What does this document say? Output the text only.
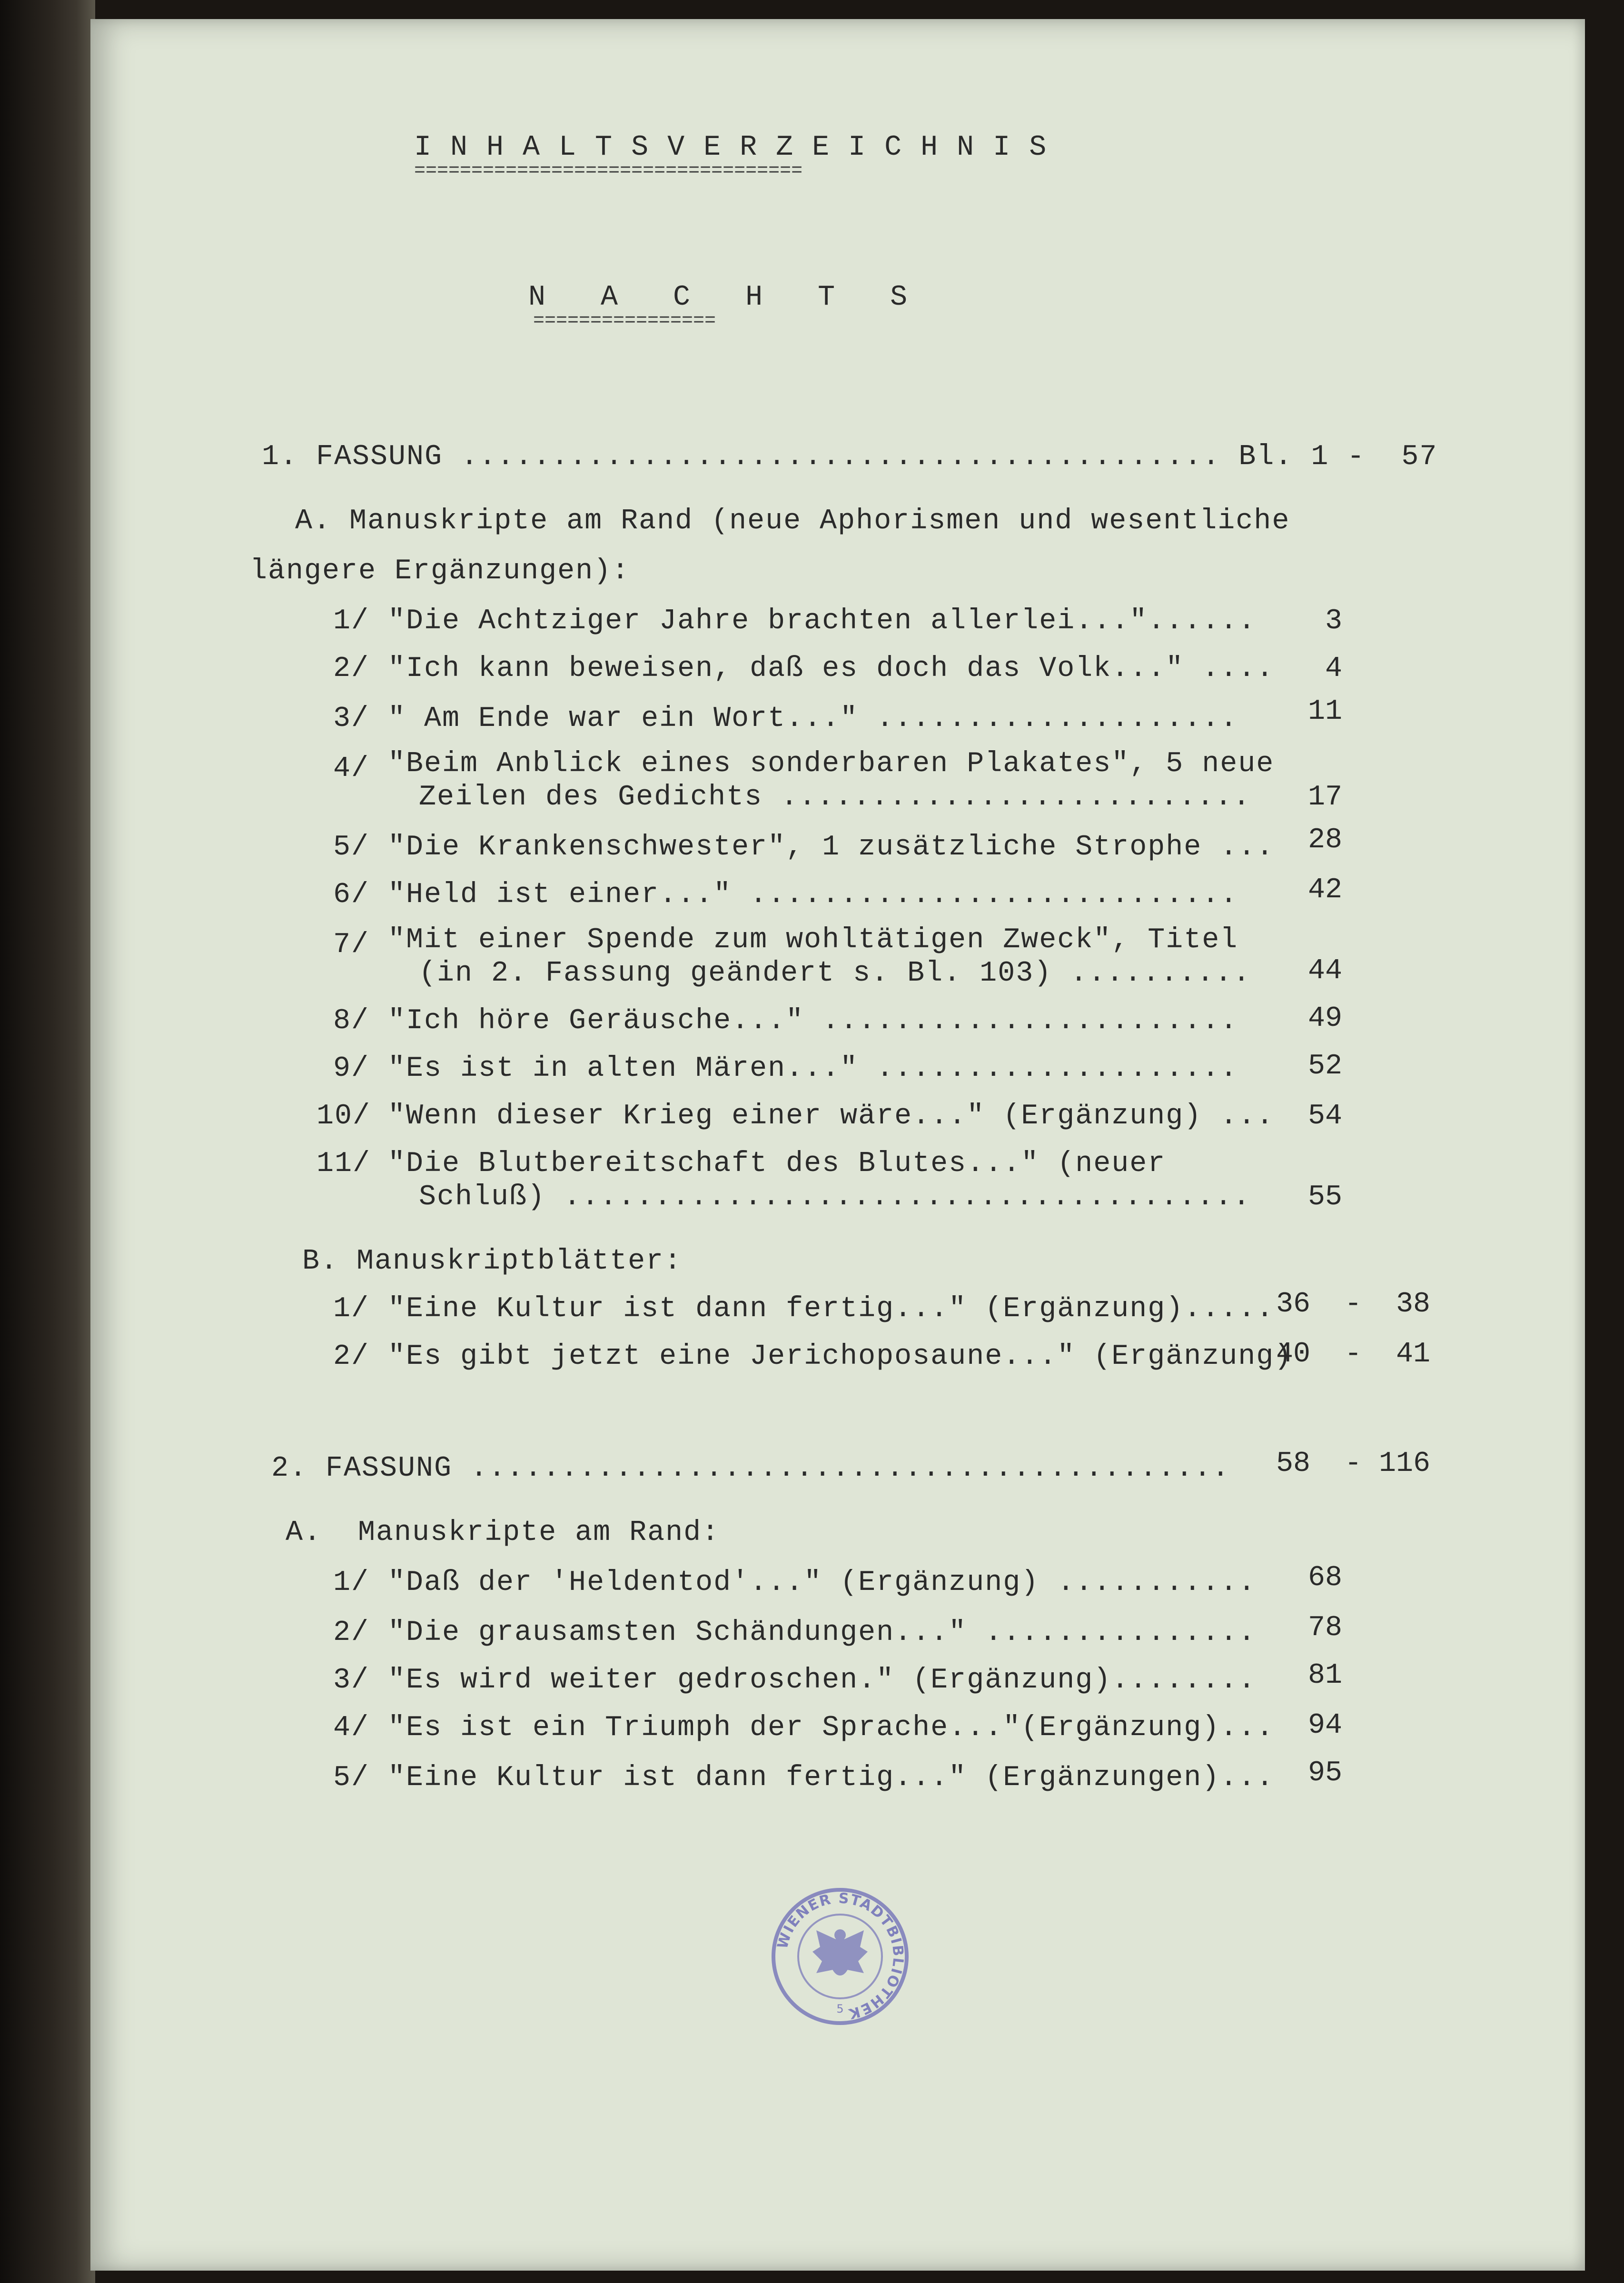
I N H A L T S V E R Z E I C H N I S
==================================
N   A   C   H   T   S
================
1. FASSUNG .......................................... Bl. 1 -  57
A. Manuskripte am Rand (neue Aphorismen und wesentliche
längere Ergänzungen):
1/ "Die Achtziger Jahre brachten allerlei..."...... 3
2/ "Ich kann beweisen, daß es doch das Volk..." .... 4
3/ " Am Ende war ein Wort..." .................... 11
4/ "Beim Anblick eines sonderbaren Plakates", 5 neue
Zeilen des Gedichts .......................... 17
5/ "Die Krankenschwester", 1 zusätzliche Strophe ... 28
6/ "Held ist einer..." ........................... 42
7/ "Mit einer Spende zum wohltätigen Zweck", Titel
(in 2. Fassung geändert s. Bl. 103) .......... 44
8/ "Ich höre Geräusche..." ....................... 49
9/ "Es ist in alten Mären..." .................... 52
10/ "Wenn dieser Krieg einer wäre..." (Ergänzung) ... 54
11/ "Die Blutbereitschaft des Blutes..." (neuer
Schluß) ...................................... 55
B. Manuskriptblätter:
1/ "Eine Kultur ist dann fertig..." (Ergänzung)..... 36  -  38
2/ "Es gibt jetzt eine Jerichoposaune..." (Ergänzung)
40  -  41
2. FASSUNG .......................................... 58  - 116
A.  Manuskripte am Rand:
1/ "Daß der 'Heldentod'..." (Ergänzung) ........... 68
2/ "Die grausamsten Schändungen..." ............... 78
3/ "Es wird weiter gedroschen." (Ergänzung)........ 81
4/ "Es ist ein Triumph der Sprache..."(Ergänzung)... 94
5/ "Eine Kultur ist dann fertig..." (Ergänzungen)... 95
WIENER STADTBIBLIOTHEK
5
